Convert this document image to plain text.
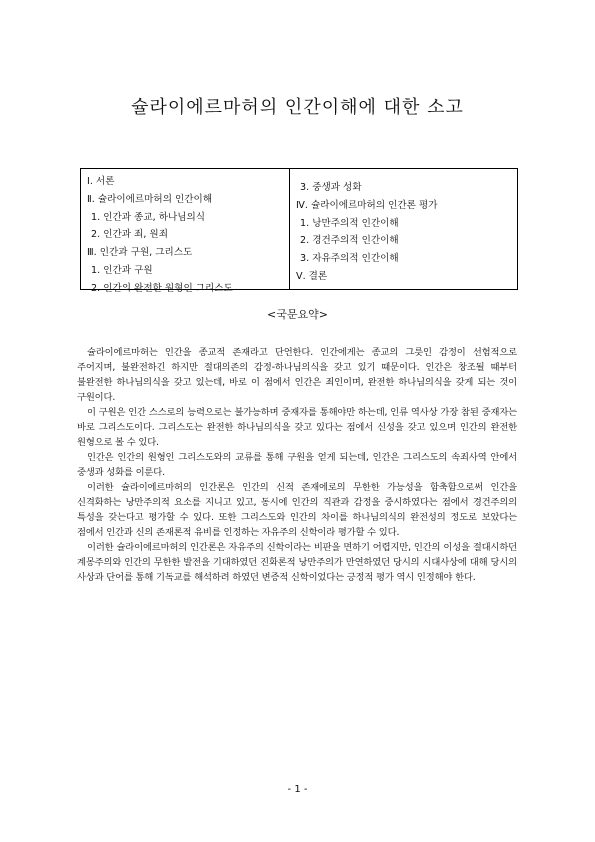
슐라이에르마허의 인간이해에 대한 소고
Ⅰ. 서론
Ⅱ. 슐라이에르마허의 인간이해
1. 인간과 종교, 하나님의식
2. 인간과 죄, 원죄
Ⅲ. 인간과 구원, 그리스도
1. 인간과 구원
2. 인간의 완전한 원형인 그리스도
3. 중생과 성화
Ⅳ. 슐라이에르마허의 인간론 평가
1. 낭만주의적 인간이해
2. 경건주의적 인간이해
3. 자유주의적 인간이해
Ⅴ. 결론
<국문요약>

슐라이에르마허는 인간을 종교적 존재라고 단언한다. 인간에게는 종교의 그릇인 감정이 선험적으로 주어지며, 불완전하긴 하지만 절대의존의 감정-하나님의식을 갖고 있기 때문이다. 인간은 창조될 때부터 불완전한 하나님의식을 갖고 있는데, 바로 이 점에서 인간은 죄인이며, 완전한 하나님의식을 갖게 되는 것이 구원이다.

이 구원은 인간 스스로의 능력으로는 불가능하며 중재자를 통해야만 하는데, 인류 역사상 가장 참된 중재자는 바로 그리스도이다. 그리스도는 완전한 하나님의식을 갖고 있다는 점에서 신성을 갖고 있으며 인간의 완전한 원형으로 볼 수 있다.

인간은 인간의 원형인 그리스도와의 교류를 통해 구원을 얻게 되는데, 인간은 그리스도의 속죄사역 안에서 중생과 성화를 이룬다.

이러한 슐라이에르마허의 인간론은 인간의 신적 존재에로의 무한한 가능성을 함축함으로써 인간을 신격화하는 낭만주의적 요소를 지니고 있고, 동시에 인간의 직관과 감정을 중시하였다는 점에서 경건주의의 특성을 갖는다고 평가할 수 있다. 또한 그리스도와 인간의 차이를 하나님의식의 완전성의 정도로 보았다는 점에서 인간과 신의 존재론적 유비를 인정하는 자유주의 신학이라 평가할 수 있다.

이러한 슐라이에르마허의 인간론은 자유주의 신학이라는 비판을 면하기 어렵지만, 인간의 이성을 절대시하던 계몽주의와 인간의 무한한 발전을 기대하였던 진화론적 낭만주의가 만연하였던 당시의 시대사상에 대해 당시의 사상과 단어를 통해 기독교를 해석하려 하였던 변증적 신학이었다는 긍정적 평가 역시 인정해야 한다.

- 1 -
